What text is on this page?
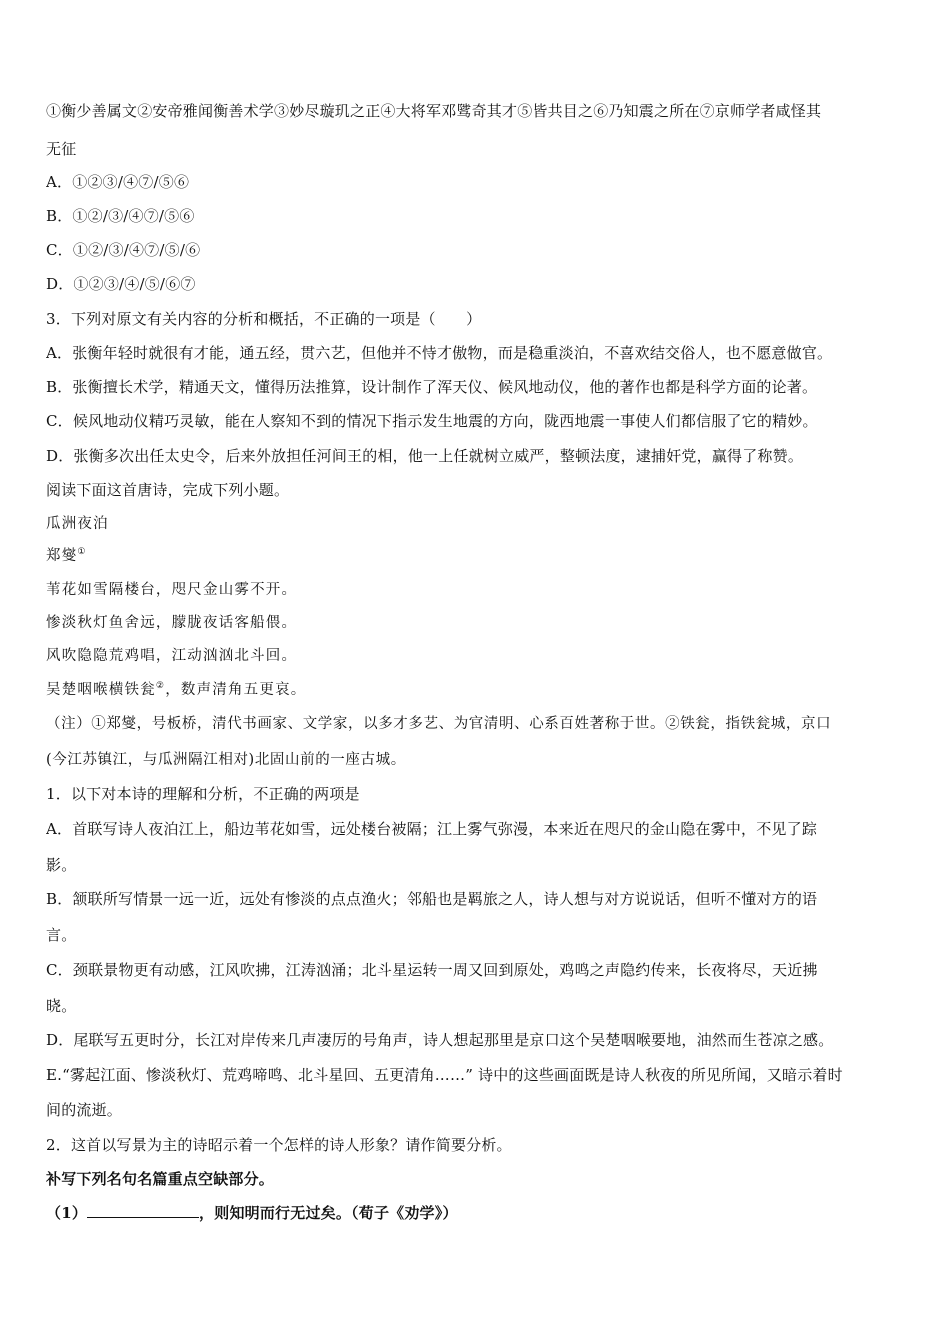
①衡少善属文②安帝雅闻衡善术学③妙尽璇玑之正④大将军邓骘奇其才⑤皆共目之⑥乃知震之所在⑦京师学者咸怪其
无征
A．①②③/④⑦/⑤⑥
B．①②/③/④⑦/⑤⑥
C．①②/③/④⑦/⑤/⑥
D．①②③/④/⑤/⑥⑦
3．下列对原文有关内容的分析和概括，不正确的一项是（　　）
A．张衡年轻时就很有才能，通五经，贯六艺，但他并不恃才傲物，而是稳重淡泊，不喜欢结交俗人，也不愿意做官。
B．张衡擅长术学，精通天文，懂得历法推算，设计制作了浑天仪、候风地动仪，他的著作也都是科学方面的论著。
C．候风地动仪精巧灵敏，能在人察知不到的情况下指示发生地震的方向，陇西地震一事使人们都信服了它的精妙。
D．张衡多次出任太史令，后来外放担任河间王的相，他一上任就树立威严，整顿法度，逮捕奸党，赢得了称赞。
阅读下面这首唐诗，完成下列小题。
瓜洲夜泊
郑燮①
苇花如雪隔楼台，咫尺金山雾不开。
惨淡秋灯鱼舍远，朦胧夜话客船偎。
风吹隐隐荒鸡唱，江动汹汹北斗回。
吴楚咽喉横铁瓮②，数声清角五更哀。
（注）①郑燮，号板桥，清代书画家、文学家，以多才多艺、为官清明、心系百姓著称于世。②铁瓮，指铁瓮城，京口
(今江苏镇江，与瓜洲隔江相对)北固山前的一座古城。
1．以下对本诗的理解和分析，不正确的两项是
A．首联写诗人夜泊江上，船边苇花如雪，远处楼台被隔；江上雾气弥漫，本来近在咫尺的金山隐在雾中，不见了踪
影。
B．颔联所写情景一远一近，远处有惨淡的点点渔火；邻船也是羁旅之人，诗人想与对方说说话，但听不懂对方的语
言。
C．颈联景物更有动感，江风吹拂，江涛汹涌；北斗星运转一周又回到原处，鸡鸣之声隐约传来，长夜将尽，天近拂
晓。
D．尾联写五更时分，长江对岸传来几声凄厉的号角声，诗人想起那里是京口这个吴楚咽喉要地，油然而生苍凉之感。
E.“雾起江面、惨淡秋灯、荒鸡啼鸣、北斗星回、五更清角……” 诗中的这些画面既是诗人秋夜的所见所闻，又暗示着时
间的流逝。
2．这首以写景为主的诗昭示着一个怎样的诗人形象？请作简要分析。
补写下列名句名篇重点空缺部分。
（1）	，则知明而行无过矣。（荀子《劝学》）
